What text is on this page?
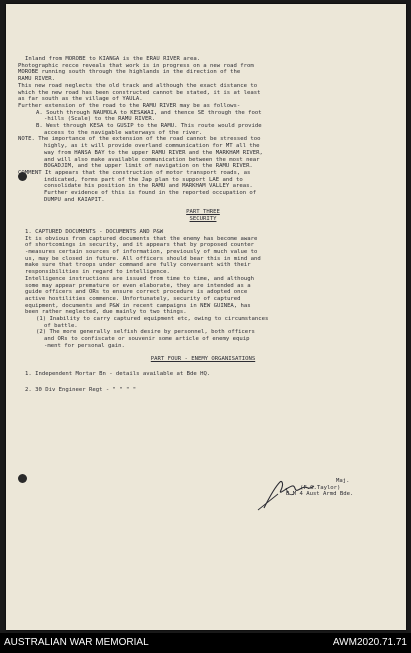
Inland from MOROBE to KIANGA is the ERAU RIVER area.

Photographic recce reveals that work is in progress on a new road from

MOROBE running south through the highlands in the direction of the

RAMU RIVER.

This new road neglects the old track and although the exact distance to

which the new road has been constructed cannot be stated, it is at least

as far south as the village of YAULA.

Further extension of the road to the RAMU RIVER may be as follows-

A. South through NAUMOLA to KESAWAI, and thence SE through the foot

-hills (Scale) to the RAMU RIVER.

B. West through KESA to GUSIP to the RAMU. This route would provide

access to the navigable waterways of the river.

NOTE. The importance of the extension of the road cannot be stressed too

highly, as it will provide overland communication for MT all the

way from HANSA BAY to the upper RAMU RIVER and the MARKHAM RIVER,

and will also make available communication between the most near

BOGADJIM, and the upper limit of navigation on the RAMU RIVER.

COMMENT It appears that the construction of motor transport roads, as

indicated, forms part of the Jap plan to support LAE and to

consolidate his position in the RAMU and MARKHAM VALLEY areas.

Further evidence of this is found in the reported occupation of

DUMPU and KAIAPIT.

PART THREE

SECURITY

1. CAPTURED DOCUMENTS - DOCUMENTS AND P&W

It is obvious from captured documents that the enemy has become aware

of shortcomings in security, and it appears that by proposed counter

-measures certain sources of information, previously of much value to

us, may be closed in future. All officers should bear this in mind and

make sure that troops under command are fully conversant with their

responsibilities in regard to intelligence.

Intelligence instructions are issued from time to time, and although

some may appear premature or even elaborate, they are intended as a

guide officers and ORs to ensure correct procedure is adopted once

active hostilities commence. Unfortunately, security of captured

equipment, documents and P&W in recent campaigns in NEW GUINEA, has

been rather neglected, due mainly to two things.

(1) Inability to carry captured equipment etc, owing to circumstances

of battle.

(2) The more generally selfish desire by personnel, both officers

and ORs to confiscate or souvenir some article of enemy equip

-ment for personal gain.

PART FOUR - ENEMY ORGANISATIONS

1. Independent Mortar Bn - details available at Bde HQ.

2. 30 Div Engineer Regt - " " " "

Maj.

(F.G.Taylor)

B M 4 Aust Armd Bde.

AUSTRALIAN WAR MEMORIAL	AWM2020.71.71
